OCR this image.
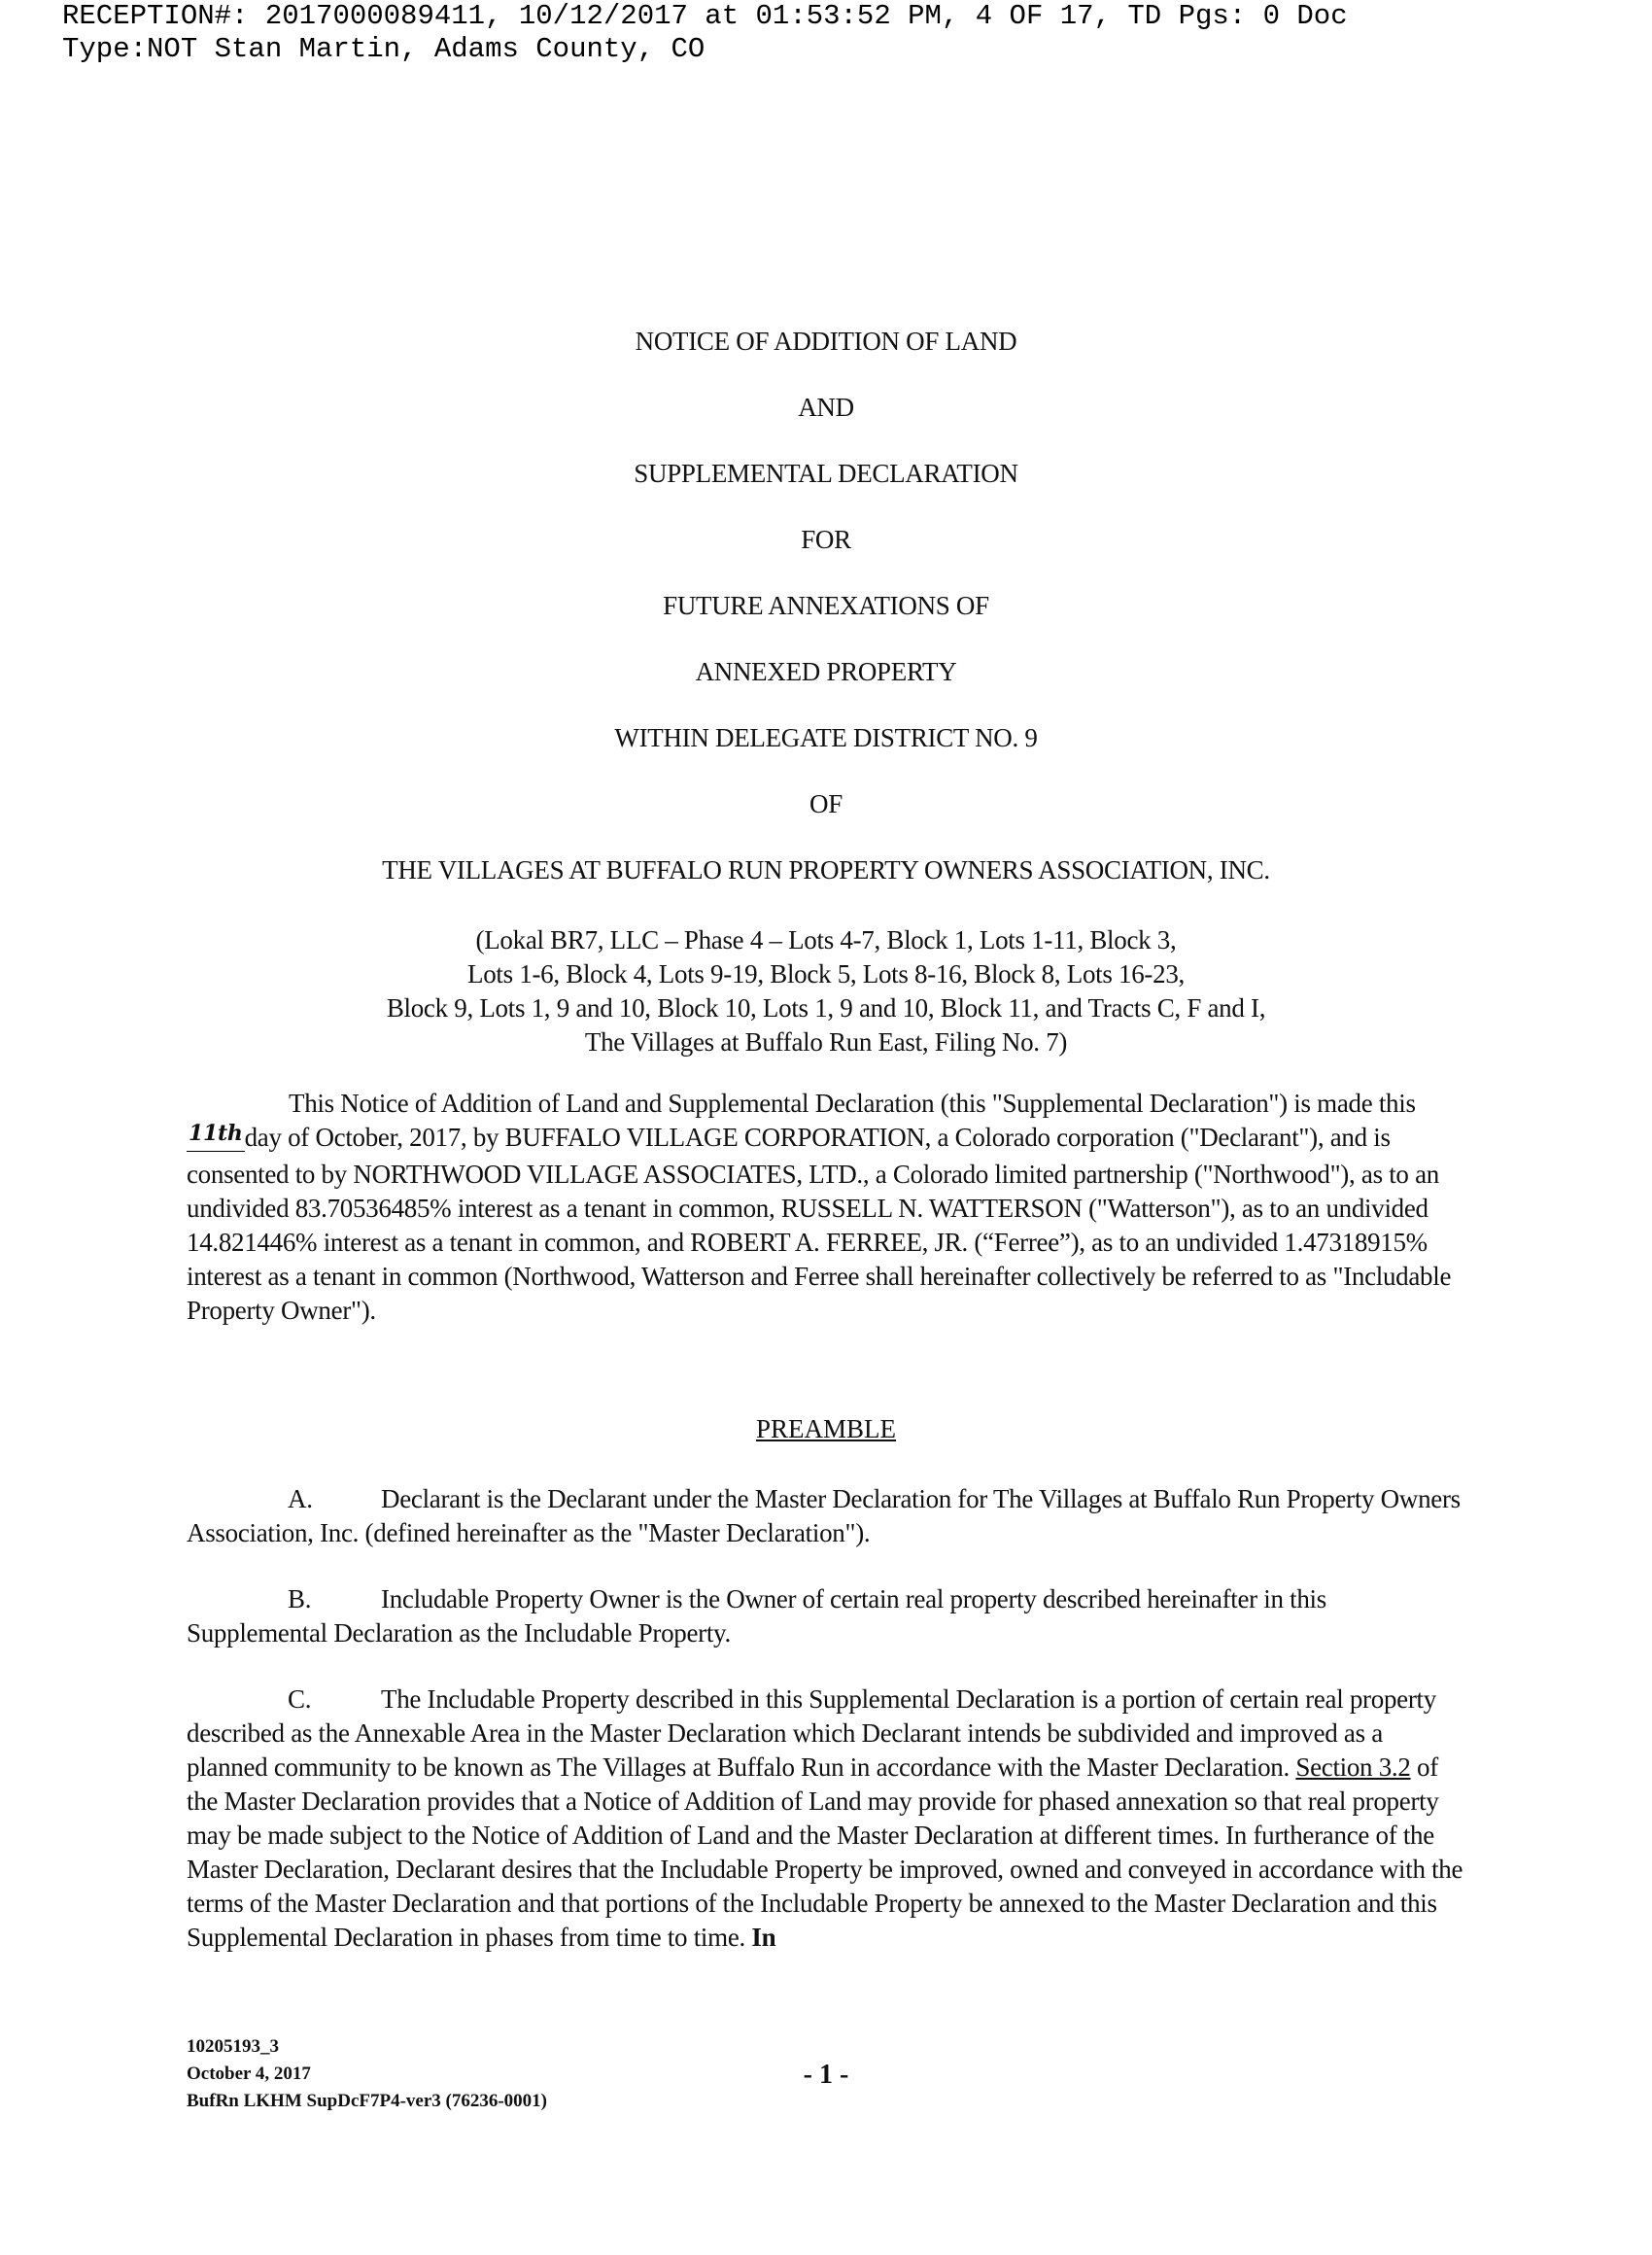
RECEPTION#: 2017000089411, 10/12/2017 at 01:53:52 PM, 4 OF 17, TD Pgs: 0 Doc
Type:NOT Stan Martin, Adams County, CO
NOTICE OF ADDITION OF LAND
AND
SUPPLEMENTAL DECLARATION
FOR
FUTURE ANNEXATIONS OF
ANNEXED PROPERTY
WITHIN DELEGATE DISTRICT NO. 9
OF
THE VILLAGES AT BUFFALO RUN PROPERTY OWNERS ASSOCIATION, INC.
(Lokal BR7, LLC – Phase 4 – Lots 4-7, Block 1, Lots 1-11, Block 3,
Lots 1-6, Block 4, Lots 9-19, Block 5, Lots 8-16, Block 8, Lots 16-23,
Block 9, Lots 1, 9 and 10, Block 10, Lots 1, 9 and 10, Block 11, and Tracts C, F and I,
The Villages at Buffalo Run East, Filing No. 7)
This Notice of Addition of Land and Supplemental Declaration (this "Supplemental Declaration") is made this 11thday of October, 2017, by BUFFALO VILLAGE CORPORATION, a Colorado corporation ("Declarant"), and is consented to by NORTHWOOD VILLAGE ASSOCIATES, LTD., a Colorado limited partnership ("Northwood"), as to an undivided 83.70536485% interest as a tenant in common, RUSSELL N. WATTERSON ("Watterson"), as to an undivided 14.821446% interest as a tenant in common, and ROBERT A. FERREE, JR. (“Ferree”), as to an undivided 1.47318915% interest as a tenant in common (Northwood, Watterson and Ferree shall hereinafter collectively be referred to as "Includable Property Owner").
PREAMBLE
A.	Declarant is the Declarant under the Master Declaration for The Villages at Buffalo Run Property Owners Association, Inc. (defined hereinafter as the "Master Declaration").
B.	Includable Property Owner is the Owner of certain real property described hereinafter in this Supplemental Declaration as the Includable Property.
C.	The Includable Property described in this Supplemental Declaration is a portion of certain real property described as the Annexable Area in the Master Declaration which Declarant intends be subdivided and improved as a planned community to be known as The Villages at Buffalo Run in accordance with the Master Declaration. Section 3.2 of the Master Declaration provides that a Notice of Addition of Land may provide for phased annexation so that real property may be made subject to the Notice of Addition of Land and the Master Declaration at different times. In furtherance of the Master Declaration, Declarant desires that the Includable Property be improved, owned and conveyed in accordance with the terms of the Master Declaration and that portions of the Includable Property be annexed to the Master Declaration and this Supplemental Declaration in phases from time to time. In
10205193_3
October 4, 2017
BufRn LKHM SupDcF7P4-ver3 (76236-0001)
- 1 -
